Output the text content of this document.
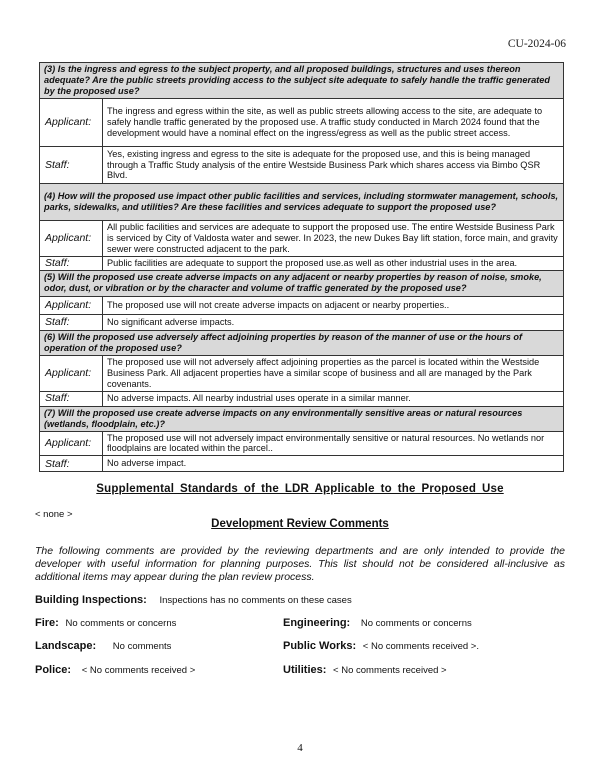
CU-2024-06
(3) Is the ingress and egress to the subject property, and all proposed buildings, structures and uses thereon adequate? Are the public streets providing access to the subject site adequate to safely handle the traffic generated by the proposed use?	
Applicant:	The ingress and egress within the site, as well as public streets allowing access to the site, are adequate to safely handle traffic generated by the proposed use. A traffic study conducted in March 2024 found that the development would have a nominal effect on the ingress/egress as well as the public street access.
Staff:	Yes, existing ingress and egress to the site is adequate for the proposed use, and this is being managed through a Traffic Study analysis of the entire Westside Business Park which shares access via Bimbo QSR Blvd.
(4) How will the proposed use impact other public facilities and services, including stormwater management, schools, parks, sidewalks, and utilities? Are these facilities and services adequate to support the proposed use?	
Applicant:	All public facilities and services are adequate to support the proposed use. The entire Westside Business Park is serviced by City of Valdosta water and sewer. In 2023, the new Dukes Bay lift station, force main, and gravity sewer were constructed adjacent to the park.
Staff:	Public facilities are adequate to support the proposed use.as well as other industrial uses in the area.
(5) Will the proposed use create adverse impacts on any adjacent or nearby properties by reason of noise, smoke, odor, dust, or vibration or by the character and volume of traffic generated by the proposed use?	
Applicant:	The proposed use will not create adverse impacts on adjacent or nearby properties..
Staff:	No significant adverse impacts.
(6) Will the proposed use adversely affect adjoining properties by reason of the manner of use or the hours of operation of the proposed use?	
Applicant:	The proposed use will not adversely affect adjoining properties as the parcel is located within the Westside Business Park. All adjacent properties have a similar scope of business and all are managed by the Park covenants.
Staff:	No adverse impacts. All nearby industrial uses operate in a similar manner.
(7) Will the proposed use create adverse impacts on any environmentally sensitive areas or natural resources (wetlands, floodplain, etc.)?	
Applicant:	The proposed use will not adversely impact environmentally sensitive or natural resources. No wetlands nor floodplains are located within the parcel..
Staff:	No adverse impact.
Supplemental Standards of the LDR Applicable to the Proposed Use
< none >
Development Review Comments
The following comments are provided by the reviewing departments and are only intended to provide the developer with useful information for planning purposes. This list should not be considered all-inclusive as additional items may appear during the plan review process.
Building Inspections: Inspections has no comments on these cases
Fire: No comments or concerns	Engineering: No comments or concerns
Landscape: No comments	Public Works: < No comments received >.
Police: < No comments received >	Utilities: < No comments received >
4
